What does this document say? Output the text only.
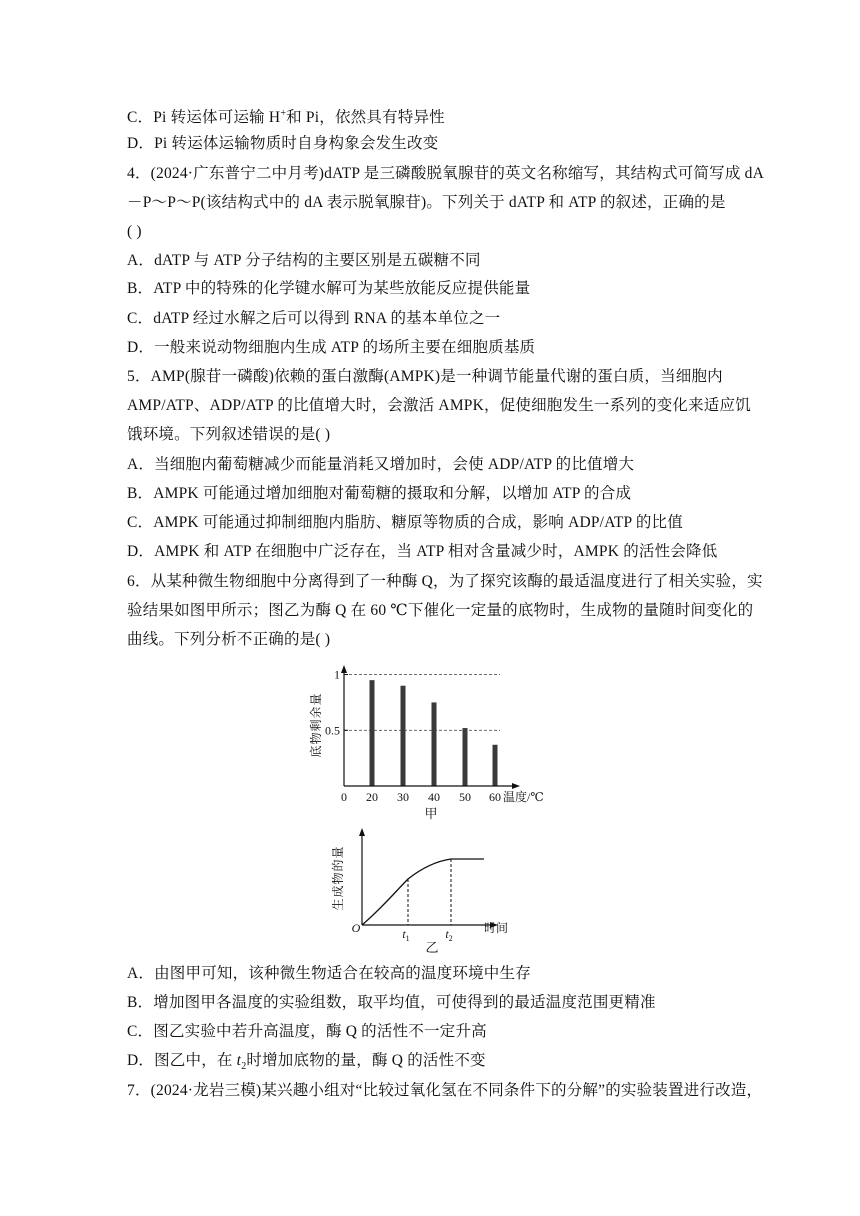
C．Pi 转运体可运输 H+和 Pi，依然具有特异性
D．Pi 转运体运输物质时自身构象会发生改变
4．(2024·广东普宁二中月考)dATP 是三磷酸脱氧腺苷的英文名称缩写，其结构式可简写成 dA
－P～P～P(该结构式中的 dA 表示脱氧腺苷)。下列关于 dATP 和 ATP 的叙述，正确的是
( )
A．dATP 与 ATP 分子结构的主要区别是五碳糖不同
B．ATP 中的特殊的化学键水解可为某些放能反应提供能量
C．dATP 经过水解之后可以得到 RNA 的基本单位之一
D．一般来说动物细胞内生成 ATP 的场所主要在细胞质基质
5．AMP(腺苷一磷酸)依赖的蛋白激酶(AMPK)是一种调节能量代谢的蛋白质，当细胞内
AMP/ATP、ADP/ATP 的比值增大时，会激活 AMPK，促使细胞发生一系列的变化来适应饥
饿环境。下列叙述错误的是( )
A．当细胞内葡萄糖减少而能量消耗又增加时，会使 ADP/ATP 的比值增大
B．AMPK 可能通过增加细胞对葡萄糖的摄取和分解，以增加 ATP 的合成
C．AMPK 可能通过抑制细胞内脂肪、糖原等物质的合成，影响 ADP/ATP 的比值
D．AMPK 和 ATP 在细胞中广泛存在，当 ATP 相对含量减少时，AMPK 的活性会降低
6．从某种微生物细胞中分离得到了一种酶 Q，为了探究该酶的最适温度进行了相关实验，实
验结果如图甲所示；图乙为酶 Q 在 60 ℃下催化一定量的底物时，生成物的量随时间变化的
曲线。下列分析不正确的是( )
1
0.5
20 30 40 50 60
0	温度/℃
甲
底物剩余量
O	$t_1$	$t_2$
时间
乙
生成物的量
A．由图甲可知，该种微生物适合在较高的温度环境中生存
B．增加图甲各温度的实验组数，取平均值，可使得到的最适温度范围更精准
C．图乙实验中若升高温度，酶 Q 的活性不一定升高
D．图乙中，在 $t_2$时增加底物的量，酶 Q 的活性不变
7．(2024·龙岩三模)某兴趣小组对“比较过氧化氢在不同条件下的分解”的实验装置进行改造，
